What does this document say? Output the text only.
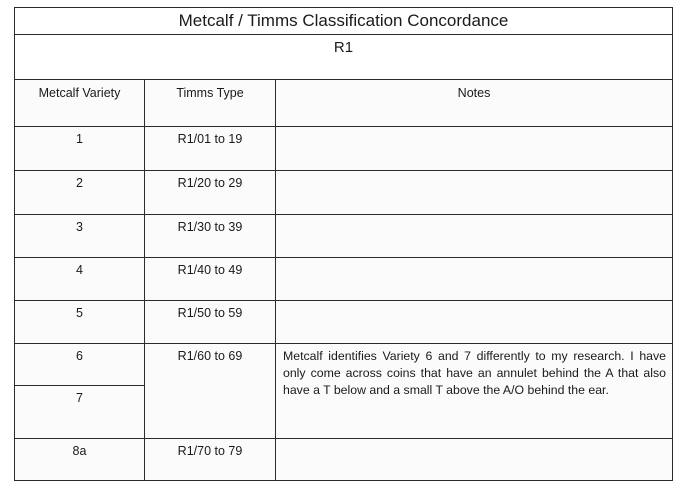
Metcalf / Timms Classification Concordance		
R1		
Metcalf Variety	Timms Type	Notes
1	R1/01 to 19	
2	R1/20 to 29	
3	R1/30 to 39	
4	R1/40 to 49	
5	R1/50 to 59	
6	R1/60 to 69	Metcalf identifies Variety 6 and 7 differently to my research. I have only come across coins that have an annulet behind the A that also have a T below and a small T above the A/O behind the ear.
7		
8a	R1/70 to 79	
